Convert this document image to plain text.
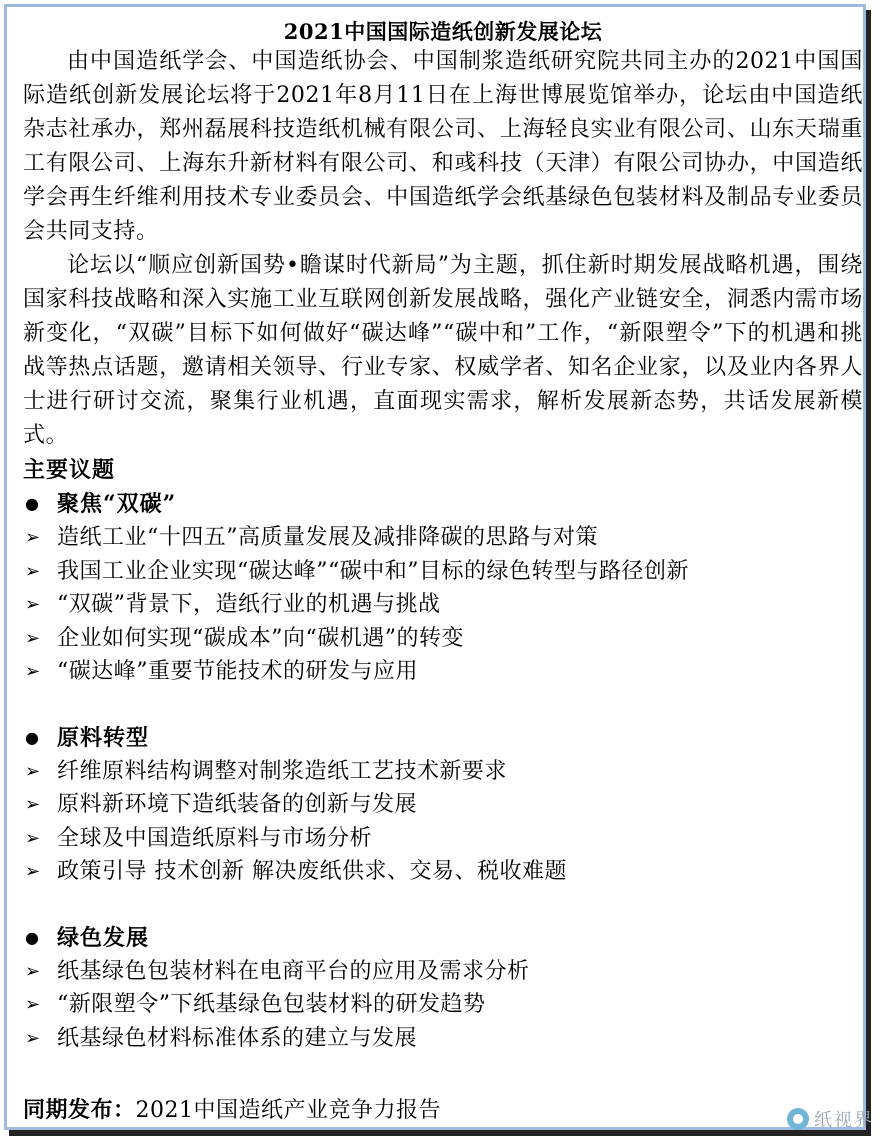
2021中国国际造纸创新发展论坛

由中国造纸学会、中国造纸协会、中国制浆造纸研究院共同主办的2021中国国际造纸创新发展论坛将于2021年8月11日在上海世博展览馆举办，论坛由中国造纸杂志社承办，郑州磊展科技造纸机械有限公司、上海轻良实业有限公司、山东天瑞重工有限公司、上海东升新材料有限公司、和彧科技（天津）有限公司协办，中国造纸学会再生纤维利用技术专业委员会、中国造纸学会纸基绿色包装材料及制品专业委员会共同支持。

论坛以“顺应创新国势•瞻谋时代新局”为主题，抓住新时期发展战略机遇，围绕国家科技战略和深入实施工业互联网创新发展战略，强化产业链安全，洞悉内需市场新变化，“双碳”目标下如何做好“碳达峰”“碳中和”工作，“新限塑令”下的机遇和挑战等热点话题，邀请相关领导、行业专家、权威学者、知名企业家，以及业内各界人士进行研讨交流，聚集行业机遇，直面现实需求，解析发展新态势，共话发展新模式。

主要议题

● 聚焦“双碳”

➢ 造纸工业“十四五”高质量发展及减排降碳的思路与对策

➢ 我国工业企业实现“碳达峰”“碳中和”目标的绿色转型与路径创新

➢ “双碳”背景下，造纸行业的机遇与挑战

➢ 企业如何实现“碳成本”向“碳机遇”的转变

➢ “碳达峰”重要节能技术的研发与应用

● 原料转型

➢ 纤维原料结构调整对制浆造纸工艺技术新要求

➢ 原料新环境下造纸装备的创新与发展

➢ 全球及中国造纸原料与市场分析

➢ 政策引导 技术创新 解决废纸供求、交易、税收难题

● 绿色发展

➢ 纸基绿色包装材料在电商平台的应用及需求分析

➢ “新限塑令”下纸基绿色包装材料的研发趋势

➢ 纸基绿色材料标准体系的建立与发展

同期发布：2021中国造纸产业竞争力报告	纸视界
